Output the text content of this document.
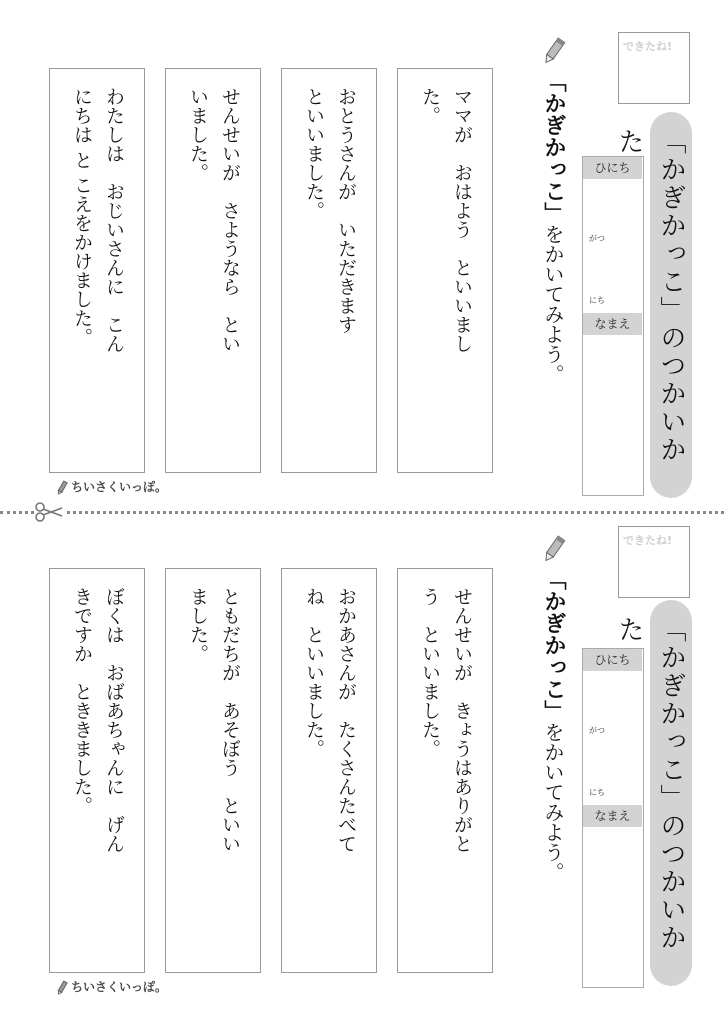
できたね!
「かぎかっこ」のつかいかた
ひにち
がつ
にち
なまえ
「かぎかっこ」をかいてみよう。
ママが　おはよう　といいまし
た。
おとうさんが　いただきます
といいました。
せんせいが　さようなら　とい
いました。
わたしは　おじいさんに　こん
にちは と こえをかけました。
ちいさくいっぽ。
できたね!
「かぎかっこ」のつかいかた
ひにち
がつ
にち
なまえ
「かぎかっこ」をかいてみよう。
せんせいが　きょうはありがと
う　といいました。
おかあさんが　たくさんたべて
ね　といいました。
ともだちが　あそぼう　といい
ました。
ぼくは　おばあちゃんに　げん
きですか　とききました。
ちいさくいっぽ。
